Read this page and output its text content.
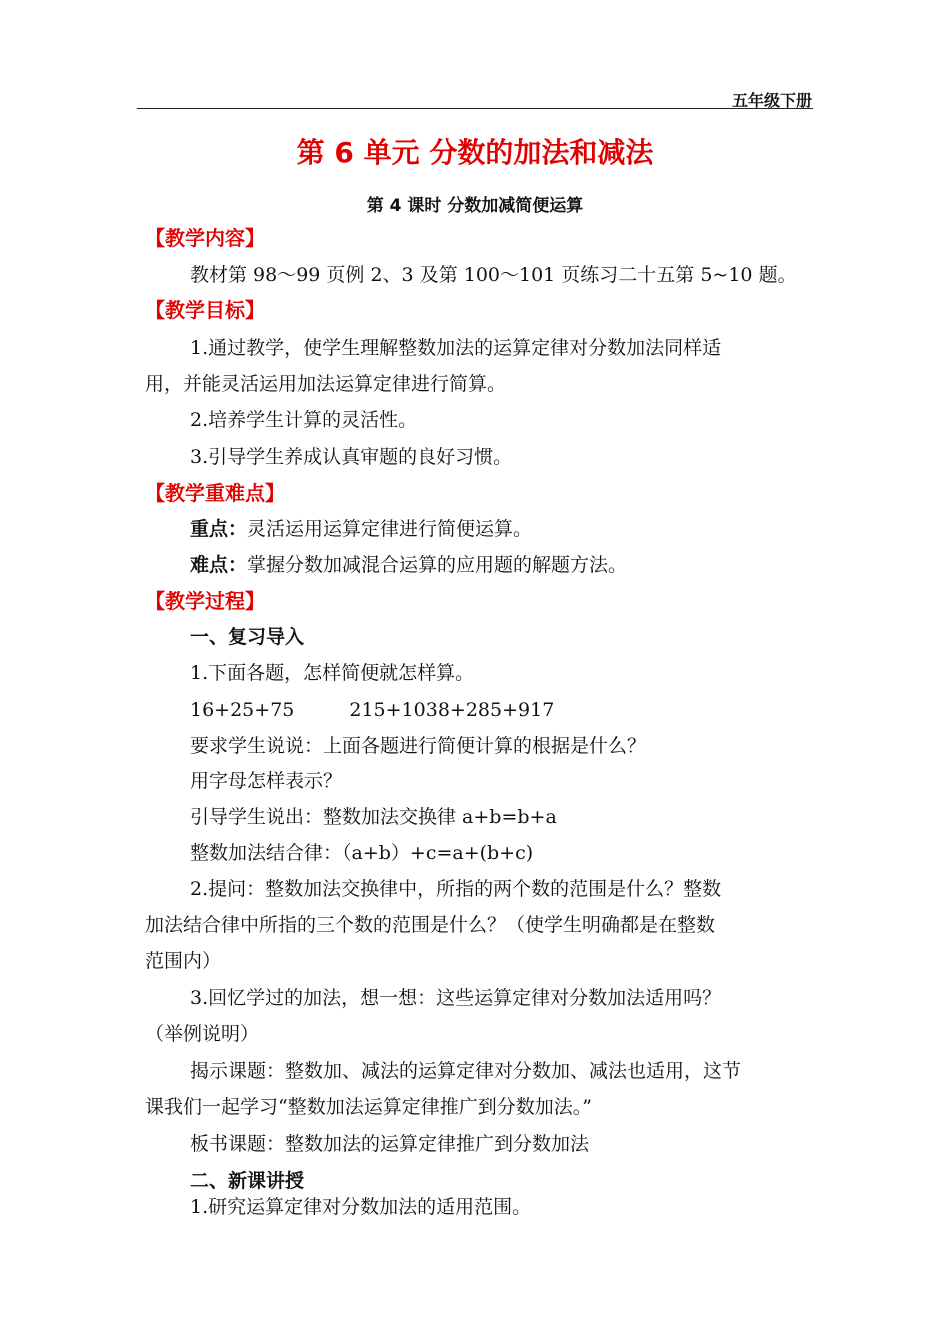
五年级下册
第 6 单元 分数的加法和减法
第 4 课时 分数加减简便运算
【教学内容】
教材第 98～99 页例 2、3 及第 100～101 页练习二十五第 5~10 题。
【教学目标】
1.通过教学，使学生理解整数加法的运算定律对分数加法同样适
用，并能灵活运用加法运算定律进行简算。
2.培养学生计算的灵活性。
3.引导学生养成认真审题的良好习惯。
【教学重难点】
重点：灵活运用运算定律进行简便运算。
难点：掌握分数加减混合运算的应用题的解题方法。
【教学过程】
一、复习导入
1.下面各题，怎样简便就怎样算。
16+25+75	215+1038+285+917
要求学生说说：上面各题进行简便计算的根据是什么？
用字母怎样表示？
引导学生说出：整数加法交换律 a+b=b+a
整数加法结合律：（a+b）+c=a+(b+c)
2.提问：整数加法交换律中，所指的两个数的范围是什么？整数
加法结合律中所指的三个数的范围是什么？（使学生明确都是在整数
范围内）
3.回忆学过的加法，想一想：这些运算定律对分数加法适用吗？
（举例说明）
揭示课题：整数加、减法的运算定律对分数加、减法也适用，这节
课我们一起学习“整数加法运算定律推广到分数加法。”
板书课题：整数加法的运算定律推广到分数加法
二、新课讲授
1.研究运算定律对分数加法的适用范围。
